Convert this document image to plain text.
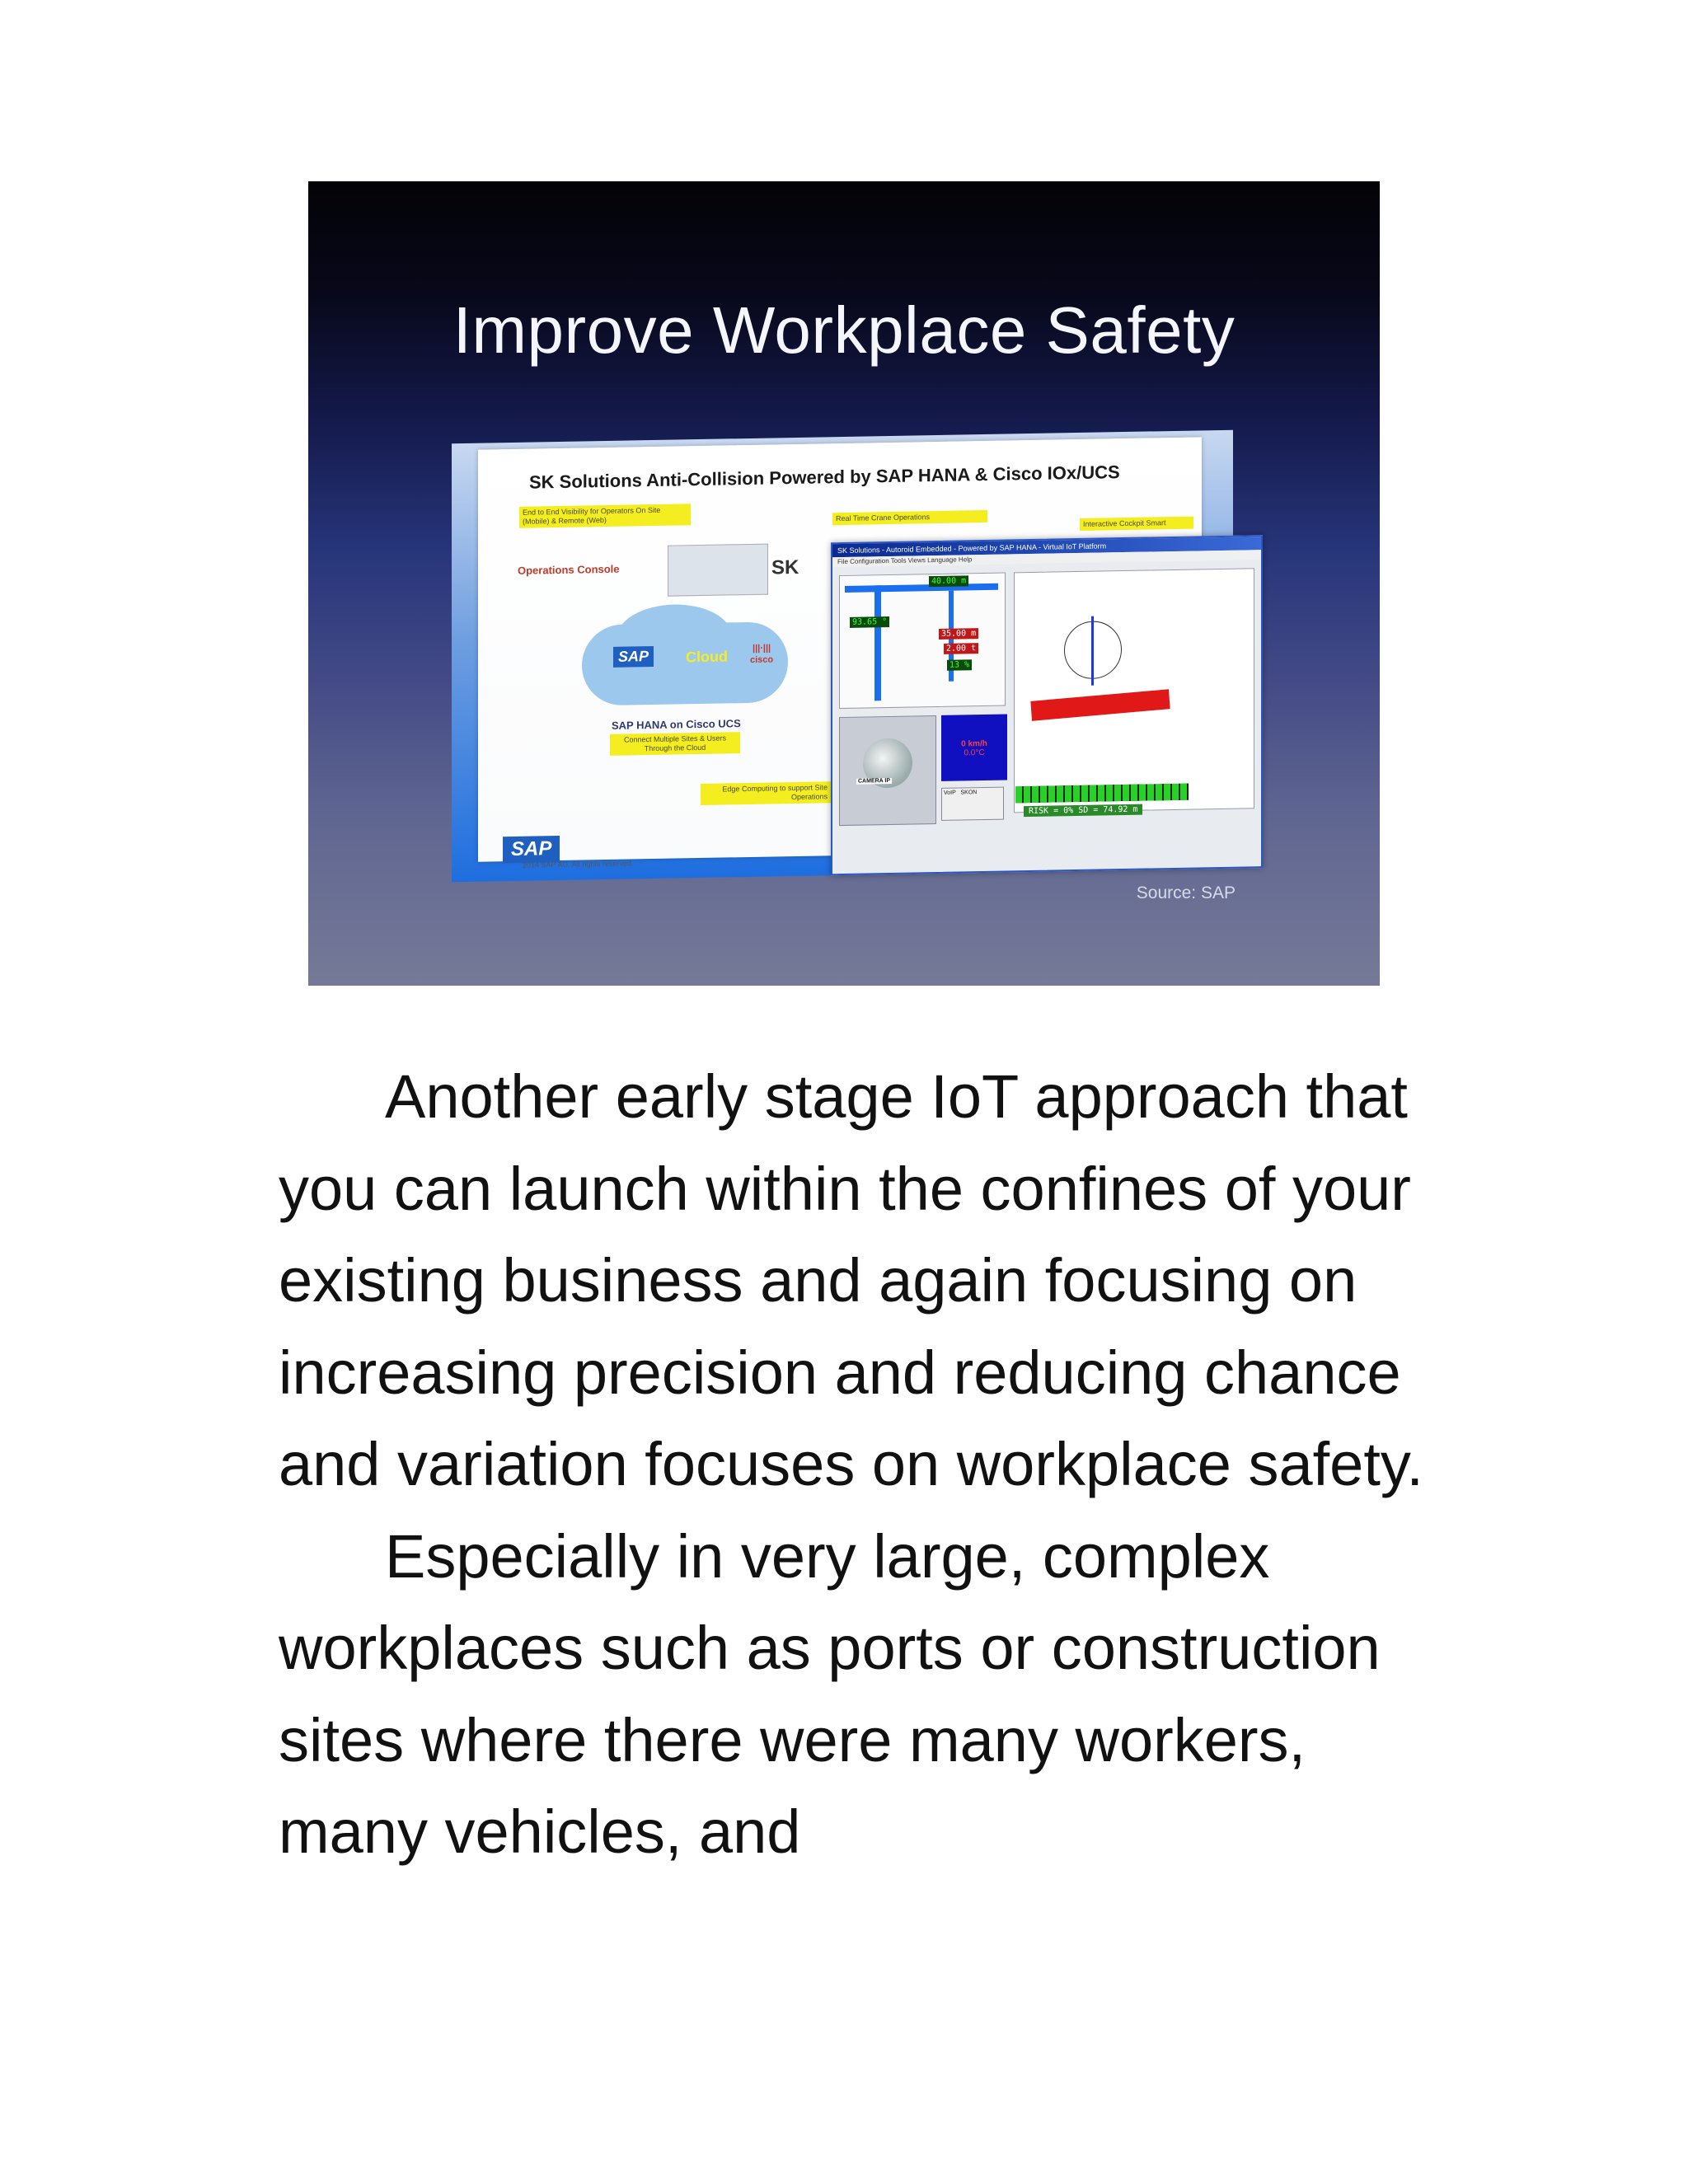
Improve Workplace Safety
SK Solutions Anti-Collision Powered by SAP HANA & Cisco IOx/UCS
End to End Visibility for Operators On Site (Mobile) & Remote (Web)	Real Time Crane Operations
Interactive Cockpit Smart
Operations Console	SK
SAP	Cloud	|||·|||
cisco
SAP HANA on Cisco UCS
Connect Multiple Sites & Users Through the Cloud
Edge Computing to support Site Operations
SAP
2014 SAP AG. All rights reserved.
SK Solutions - Autoroid Embedded - Powered by SAP HANA - Virtual IoT Platform
File Configuration Tools Views Language Help
40.00 m
93.65 °
35.00 m
2.00 t
13 %
CAMERA IP
0 km/h
0.0°C
VoIP SKON
RISK = 0% SD = 74.92 m
Source: SAP

Another early stage IoT approach that you can launch within the confines of your existing business and again focusing on increasing precision and reducing chance and variation focuses on workplace safety.

Especially in very large, complex workplaces such as ports or construction sites where there were many workers, many vehicles, and
